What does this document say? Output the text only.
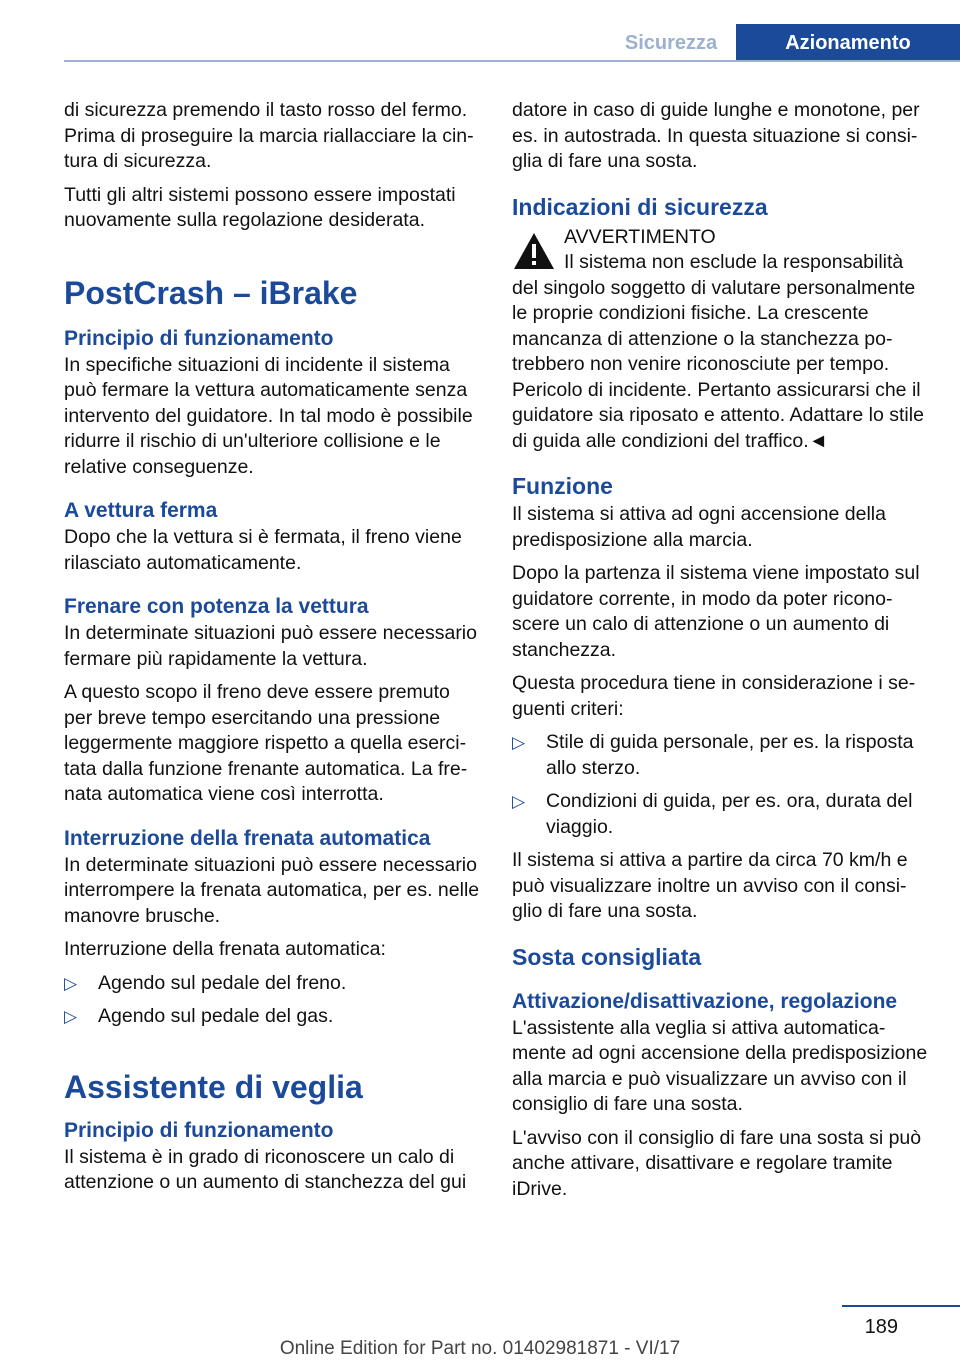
Sicurezza	Azionamento

di sicurezza premendo il tasto rosso del fermo. Prima di proseguire la marcia riallacciare la cintura di sicurezza.

Tutti gli altri sistemi possono essere impostati nuovamente sulla regolazione desiderata.

PostCrash – iBrake
Principio di funzionamento

In specifiche situazioni di incidente il sistema può fermare la vettura automaticamente senza intervento del guidatore. In tal modo è possibile ridurre il rischio di un'ulteriore collisione e le relative conseguenze.

A vettura ferma

Dopo che la vettura si è fermata, il freno viene rilasciato automaticamente.

Frenare con potenza la vettura

In determinate situazioni può essere necessario fermare più rapidamente la vettura.

A questo scopo il freno deve essere premuto per breve tempo esercitando una pressione leggermente maggiore rispetto a quella esercitata dalla funzione frenante automatica. La frenata automatica viene così interrotta.

Interruzione della frenata automatica

In determinate situazioni può essere necessario interrompere la frenata automatica, per es. nelle manovre brusche.

Interruzione della frenata automatica:

▷ Agendo sul pedale del freno.
▷ Agendo sul pedale del gas.
Assistente di veglia
Principio di funzionamento

Il sistema è in grado di riconoscere un calo di attenzione o un aumento di stanchezza del gui

datore in caso di guide lunghe e monotone, per es. in autostrada. In questa situazione si consiglia di fare una sosta.

Indicazioni di sicurezza

AVVERTIMENTO

Il sistema non esclude la responsabilità del singolo soggetto di valutare personalmente le proprie condizioni fisiche. La crescente mancanza di attenzione o la stanchezza potrebbero non venire riconosciute per tempo. Pericolo di incidente. Pertanto assicurarsi che il guidatore sia riposato e attento. Adattare lo stile di guida alle condizioni del traffico.◄

Funzione

Il sistema si attiva ad ogni accensione della predisposizione alla marcia.

Dopo la partenza il sistema viene impostato sul guidatore corrente, in modo da poter riconoscere un calo di attenzione o un aumento di stanchezza.

Questa procedura tiene in considerazione i seguenti criteri:

▷ Stile di guida personale, per es. la risposta allo sterzo.
▷ Condizioni di guida, per es. ora, durata del viaggio.

Il sistema si attiva a partire da circa 70 km/h e può visualizzare inoltre un avviso con il consiglio di fare una sosta.

Sosta consigliata
Attivazione/disattivazione, regolazione

L'assistente alla veglia si attiva automaticamente ad ogni accensione della predisposizione alla marcia e può visualizzare un avviso con il consiglio di fare una sosta.

L'avviso con il consiglio di fare una sosta si può anche attivare, disattivare e regolare tramite iDrive.

189
Online Edition for Part no. 01402981871 - VI/17
